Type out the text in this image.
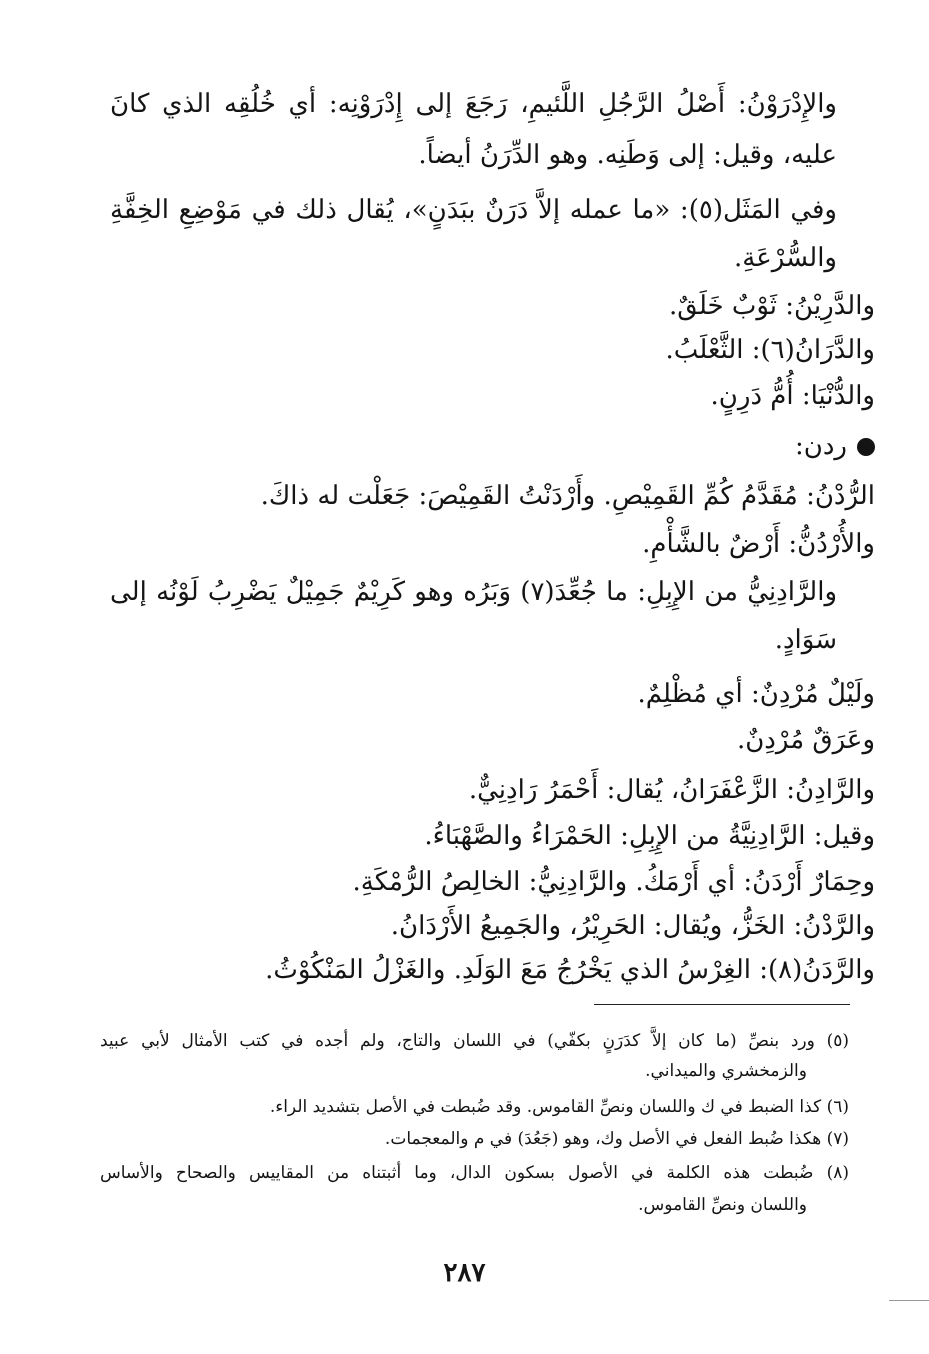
والإِدْرَوْنُ: أَصْلُ الرَّجُلِ اللَّئيمِ، رَجَعَ إلى إِدْرَوْنِه: أي خُلُقِه الذي كانَ
عليه، وقيل: إلى وَطَنِه. وهو الدِّرَنُ أيضاً.
وفي المَثَل(٥): «ما عمله إلاَّ دَرَنٌ ببَدَنٍ»، يُقال ذلك في مَوْضِعِ الخِفَّةِ
والسُّرْعَةِ.
والدَّرِيْنُ: ثَوْبٌ خَلَقٌ.
والدَّرَانُ(٦): الثَّعْلَبُ.
والدُّنْيَا: أُمُّ دَرِنٍ.
ردن:
الرُّدْنُ: مُقَدَّمُ كُمِّ القَمِيْصِ. وأَرْدَنْتُ القَمِيْصَ: جَعَلْت له ذاكَ.
والأُرْدُنُّ: أَرْضٌ بالشَّأْمِ.
والرَّادِنِيُّ من الإِبِلِ: ما جُعِّدَ(٧) وَبَرُه وهو كَرِيْمٌ جَمِيْلٌ يَضْرِبُ لَوْنُه إلى
سَوَادٍ.
ولَيْلٌ مُرْدِنٌ: أي مُظْلِمٌ.
وعَرَقٌ مُرْدِنٌ.
والرَّادِنُ: الزَّعْفَرَانُ، يُقال: أَحْمَرُ رَادِنِيٌّ.
وقيل: الرَّادِنِيَّةُ من الإِبِلِ: الحَمْرَاءُ والصَّهْبَاءُ.
وحِمَارٌ أَرْدَنُ: أي أَرْمَكُ. والرَّادِنِيُّ: الخالِصُ الرُّمْكَةِ.
والرَّدْنُ: الخَزُّ، ويُقال: الحَرِيْرُ، والجَمِيعُ الأَرْدَانُ.
والرَّدَنُ(٨): الغِرْسُ الذي يَخْرُجُ مَعَ الوَلَدِ. والغَزْلُ المَنْكُوْثُ.
(٥) ورد بنصِّ (ما كان إلاَّ كدَرَنٍ بكفّي) في اللسان والتاج، ولم أجده في كتب الأمثال لأبي عبيد
والزمخشري والميداني.
(٦) كذا الضبط في ك واللسان ونصِّ القاموس. وقد ضُبطت في الأصل بتشديد الراء.
(٧) هكذا ضُبط الفعل في الأصل وك، وهو (جَعُدَ) في م والمعجمات.
(٨) ضُبطت هذه الكلمة في الأصول بسكون الدال، وما أثبتناه من المقاييس والصحاح والأساس
واللسان ونصِّ القاموس.
٢٨٧
